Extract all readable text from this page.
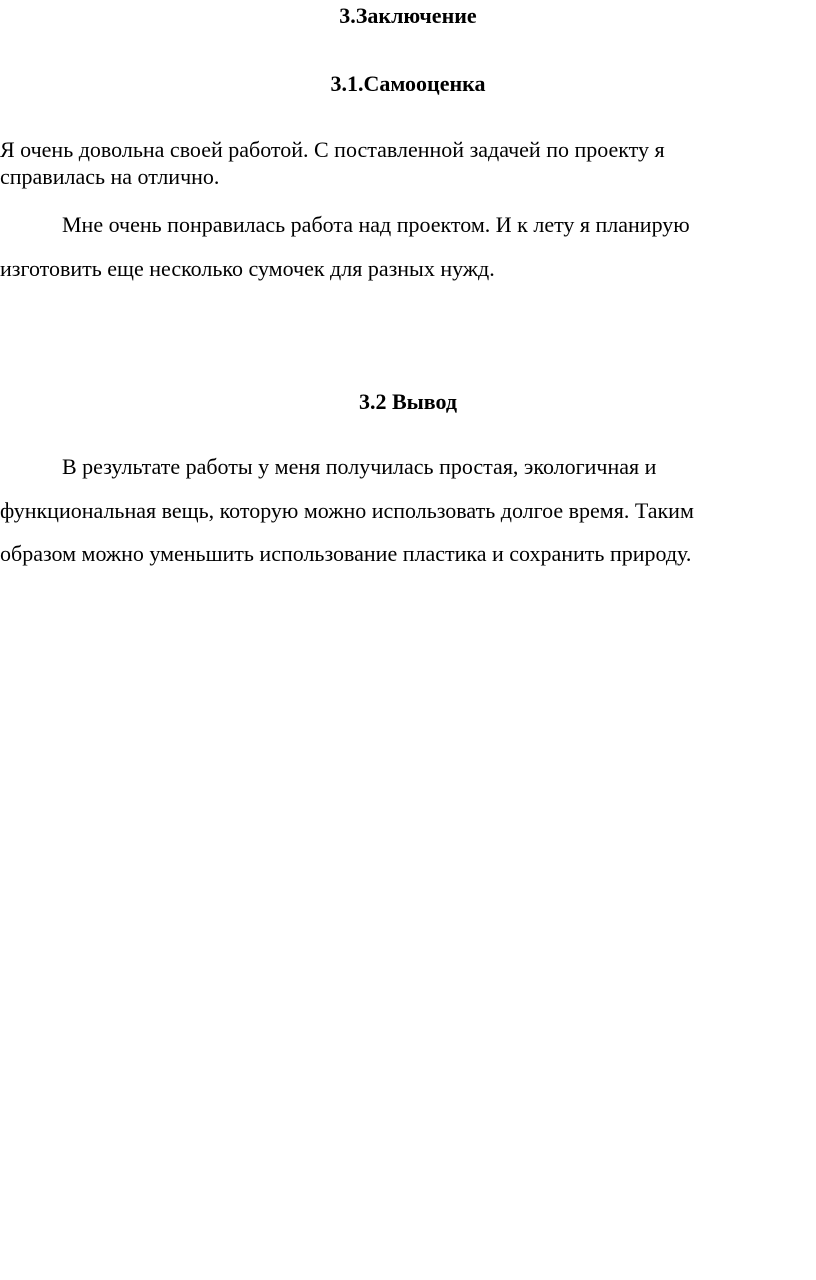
3.Заключение
3.1.Самооценка

Я очень довольна своей работой. С поставленной задачей по проекту я

справилась на отлично.

Мне очень понравилась работа над проектом. И к лету я планирую

изготовить еще несколько сумочек для разных нужд.

3.2 Вывод

В результате работы у меня получилась простая, экологичная и

функциональная вещь, которую можно использовать долгое время. Таким

образом можно уменьшить использование пластика и сохранить природу.
